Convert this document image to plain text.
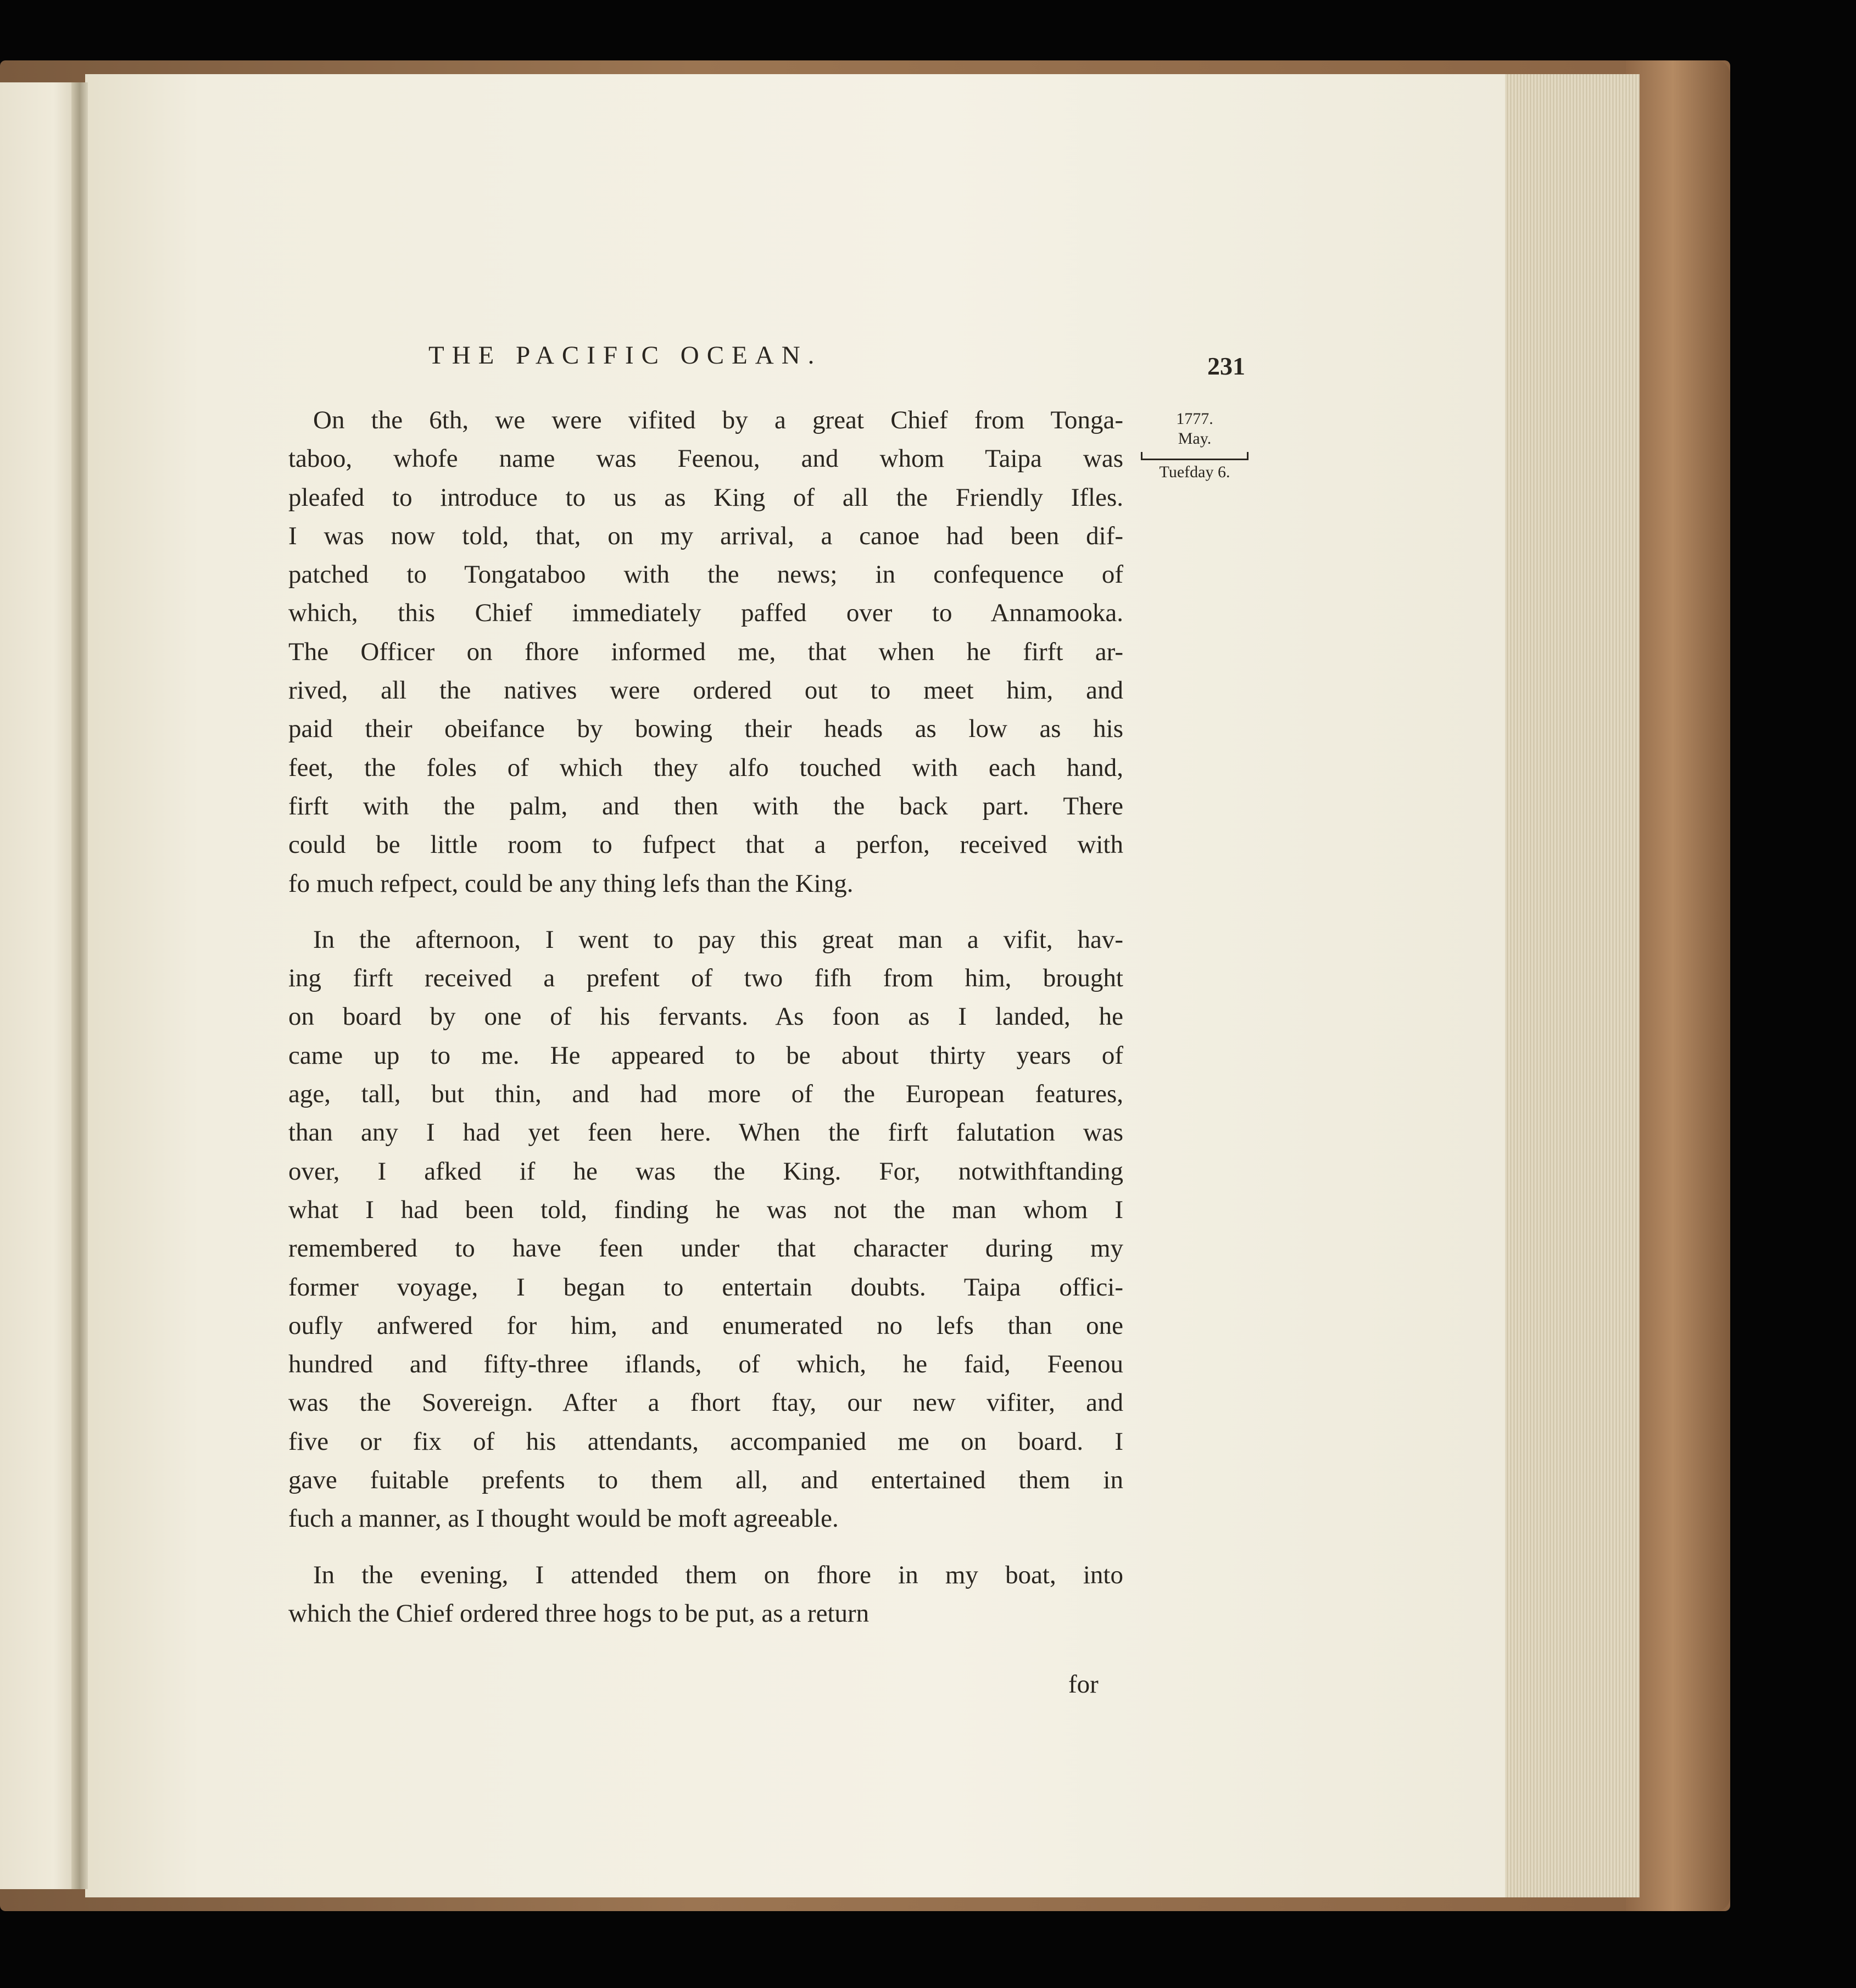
THE PACIFIC OCEAN.	231
1777.
May.
Tuefday 6.
On the 6th, we were vifited by a great Chief from Tonga-
taboo, whofe name was Feenou, and whom Taipa was
pleafed to introduce to us as King of all the Friendly Ifles.
I was now told, that, on my arrival, a canoe had been dif-
patched to Tongataboo with the news; in confequence of
which, this Chief immediately paffed over to Annamooka.
The Officer on fhore informed me, that when he firft ar-
rived, all the natives were ordered out to meet him, and
paid their obeifance by bowing their heads as low as his
feet, the foles of which they alfo touched with each hand,
firft with the palm, and then with the back part. There
could be little room to fufpect that a perfon, received with
fo much refpect, could be any thing lefs than the King.
In the afternoon, I went to pay this great man a vifit, hav-
ing firft received a prefent of two fifh from him, brought
on board by one of his fervants. As foon as I landed, he
came up to me. He appeared to be about thirty years of
age, tall, but thin, and had more of the European features,
than any I had yet feen here. When the firft falutation was
over, I afked if he was the King. For, notwithftanding
what I had been told, finding he was not the man whom I
remembered to have feen under that character during my
former voyage, I began to entertain doubts. Taipa offici-
oufly anfwered for him, and enumerated no lefs than one
hundred and fifty-three iflands, of which, he faid, Feenou
was the Sovereign. After a fhort ftay, our new vifiter, and
five or fix of his attendants, accompanied me on board. I
gave fuitable prefents to them all, and entertained them in
fuch a manner, as I thought would be moft agreeable.
In the evening, I attended them on fhore in my boat, into
which the Chief ordered three hogs to be put, as a return
for
